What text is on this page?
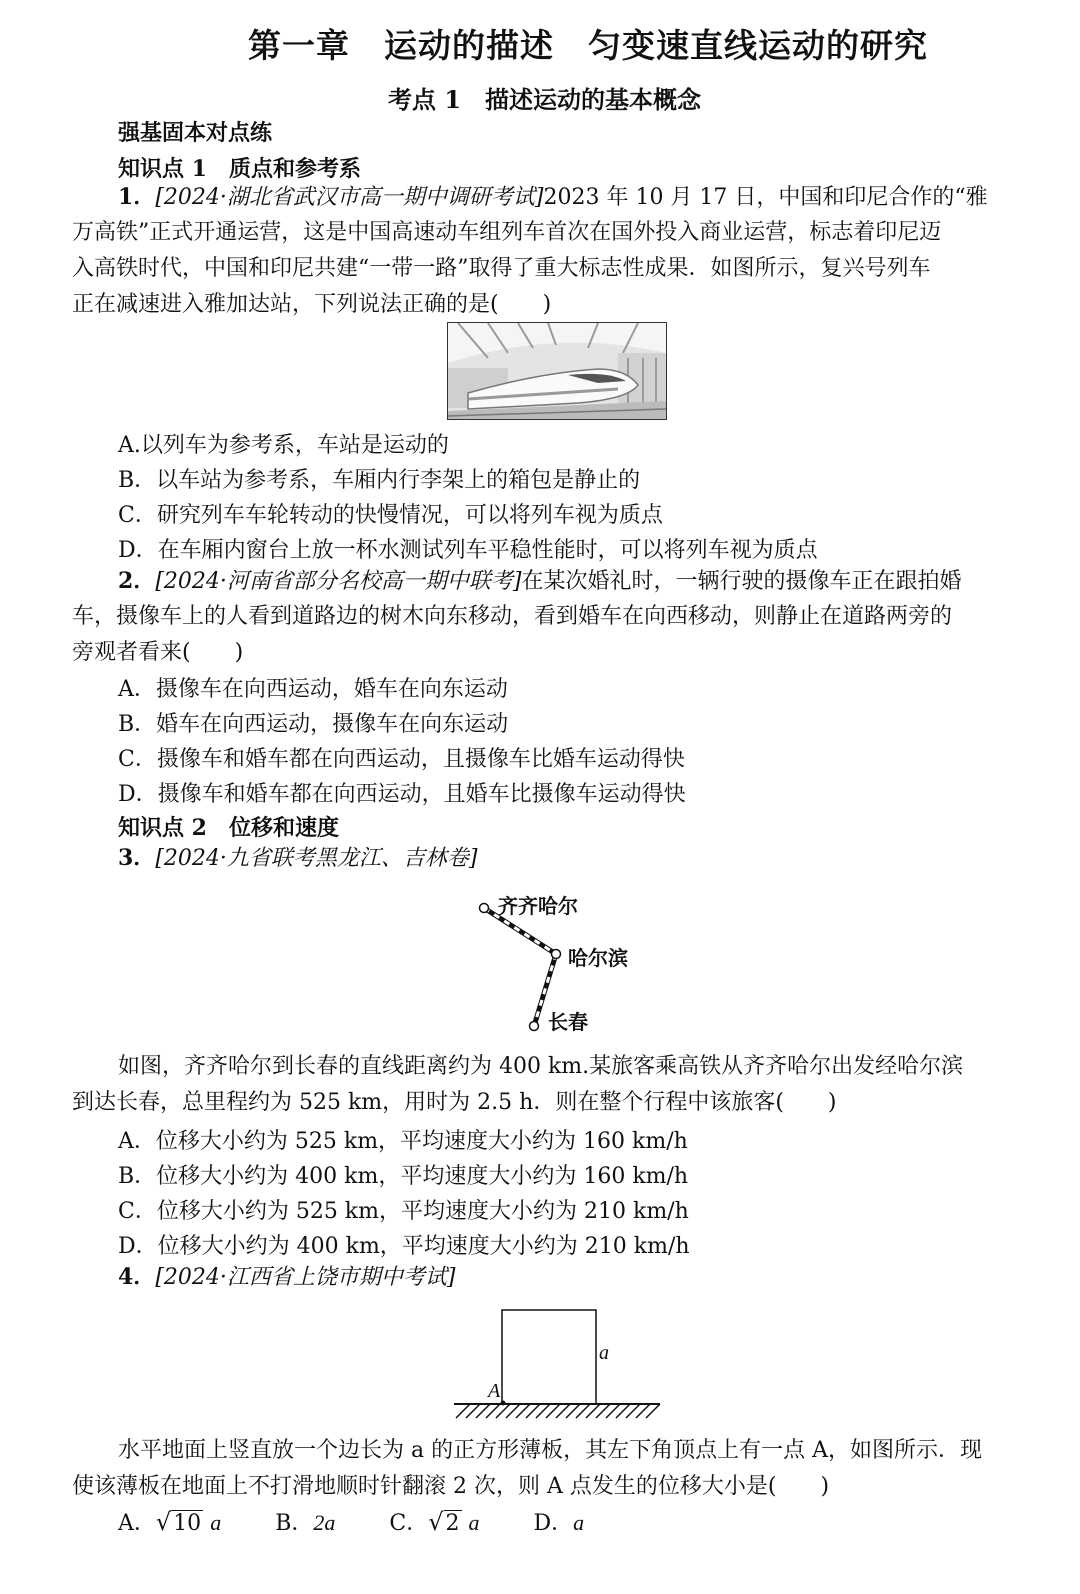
第一章　运动的描述　匀变速直线运动的研究
考点 1　描述运动的基本概念
强基固本对点练
知识点 1　质点和参考系
1．[2024·湖北省武汉市高一期中调研考试]2023 年 10 月 17 日，中国和印尼合作的“雅
万高铁”正式开通运营，这是中国高速动车组列车首次在国外投入商业运营，标志着印尼迈
入高铁时代，中国和印尼共建“一带一路”取得了重大标志性成果．如图所示，复兴号列车
正在减速进入雅加达站，下列说法正确的是(　　)
A.以列车为参考系，车站是运动的
B．以车站为参考系，车厢内行李架上的箱包是静止的
C．研究列车车轮转动的快慢情况，可以将列车视为质点
D．在车厢内窗台上放一杯水测试列车平稳性能时，可以将列车视为质点
2．[2024·河南省部分名校高一期中联考]在某次婚礼时，一辆行驶的摄像车正在跟拍婚
车，摄像车上的人看到道路边的树木向东移动，看到婚车在向西移动，则静止在道路两旁的
旁观者看来(　　)
A．摄像车在向西运动，婚车在向东运动
B．婚车在向西运动，摄像车在向东运动
C．摄像车和婚车都在向西运动，且摄像车比婚车运动得快
D．摄像车和婚车都在向西运动，且婚车比摄像车运动得快
知识点 2　位移和速度
3．[2024·九省联考黑龙江、吉林卷]
齐齐哈尔
哈尔滨
长春
如图，齐齐哈尔到长春的直线距离约为 400 km.某旅客乘高铁从齐齐哈尔出发经哈尔滨
到达长春，总里程约为 525 km，用时为 2.5 h．则在整个行程中该旅客(　　)
A．位移大小约为 525 km，平均速度大小约为 160 km/h
B．位移大小约为 400 km，平均速度大小约为 160 km/h
C．位移大小约为 525 km，平均速度大小约为 210 km/h
D．位移大小约为 400 km，平均速度大小约为 210 km/h
4．[2024·江西省上饶市期中考试]
a
A
水平地面上竖直放一个边长为 a 的正方形薄板，其左下角顶点上有一点 A，如图所示．现
使该薄板在地面上不打滑地顺时针翻滚 2 次，则 A 点发生的位移大小是(　　)
A．√10 a B．2a C．√2 a D．a
